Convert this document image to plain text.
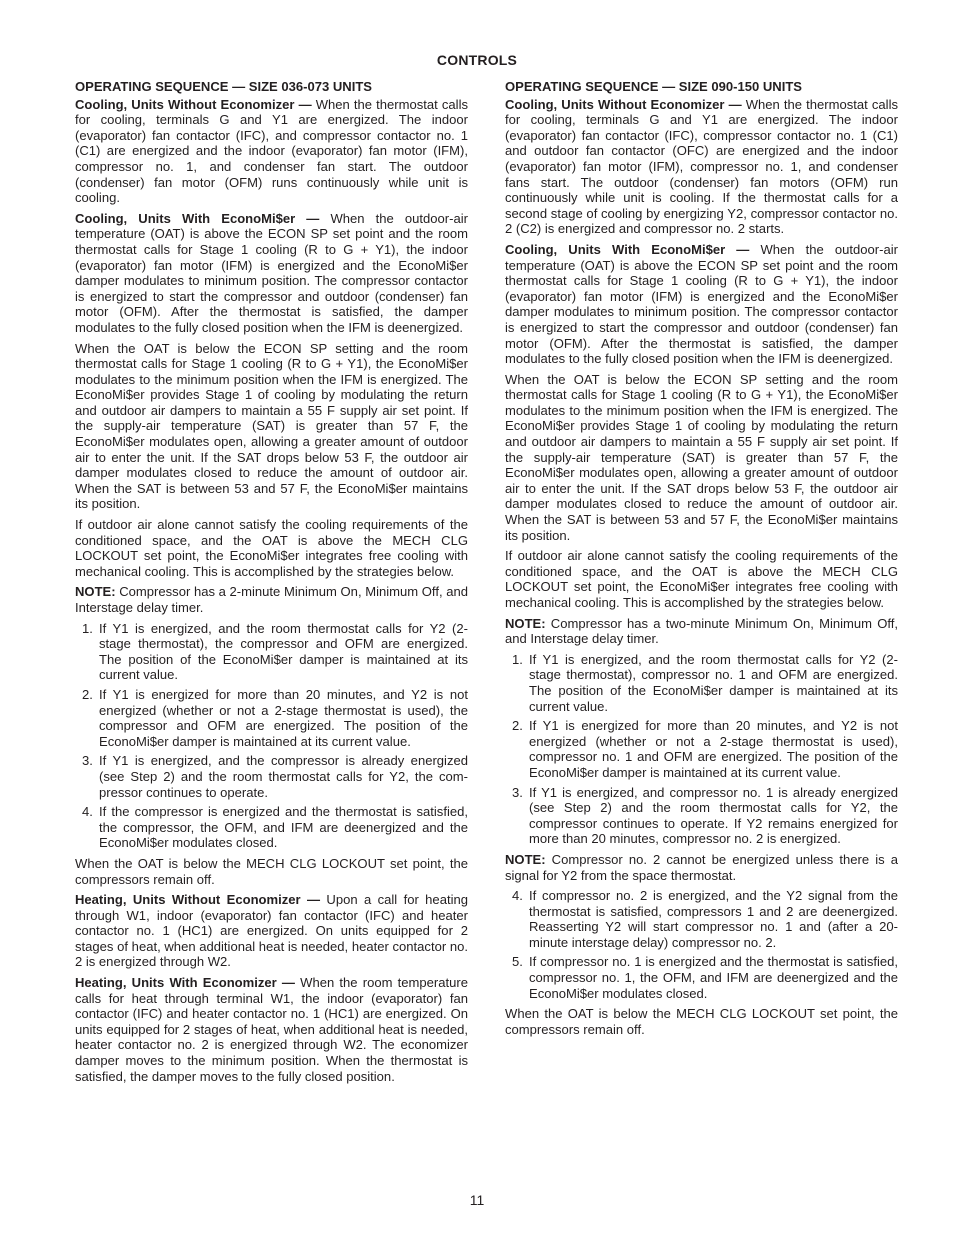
CONTROLS
OPERATING SEQUENCE — SIZE 036-073 UNITS

Cooling, Units Without Economizer — When the thermostat calls for cooling, terminals G and Y1 are energized. The indoor (evaporator) fan contactor (IFC), and compressor contactor no. 1 (C1) are energized and the indoor (evaporator) fan motor (IFM), compressor no. 1, and condenser fan start. The outdoor (condenser) fan motor (OFM) runs continuously while unit is cooling.

Cooling, Units With EconoMi$er — When the outdoor-air temperature (OAT) is above the ECON SP set point and the room thermostat calls for Stage 1 cooling (R to G + Y1), the indoor (evaporator) fan motor (IFM) is energized and the EconoMi$er damper modulates to minimum position. The compressor contactor is energized to start the compressor and outdoor (condenser) fan motor (OFM). After the thermostat is satisfied, the damper modulates to the fully closed position when the IFM is deenergized.

When the OAT is below the ECON SP setting and the room thermostat calls for Stage 1 cooling (R to G + Y1), the EconoMi$er modulates to the minimum position when the IFM is energized. The EconoMi$er provides Stage 1 of cooling by modulating the return and outdoor air dampers to maintain a 55 F supply air set point. If the supply-air temperature (SAT) is greater than 57 F, the EconoMi$er modulates open, allowing a greater amount of outdoor air to enter the unit. If the SAT drops below 53 F, the outdoor air damper modulates closed to reduce the amount of outdoor air. When the SAT is between 53 and 57 F, the EconoMi$er maintains its position.

If outdoor air alone cannot satisfy the cooling requirements of the conditioned space, and the OAT is above the MECH CLG LOCKOUT set point, the EconoMi$er integrates free cooling with mechanical cooling. This is accomplished by the strategies below.

NOTE: Compressor has a 2-minute Minimum On, Minimum Off, and Interstage delay timer.

1. If Y1 is energized, and the room thermostat calls for Y2 (2-stage thermostat), the compressor and OFM are energized. The position of the EconoMi$er damper is maintained at its current value.
2. If Y1 is energized for more than 20 minutes, and Y2 is not energized (whether or not a 2-stage thermostat is used), the compressor and OFM are energized. The position of the EconoMi$er damper is maintained at its current value.
3. If Y1 is energized, and the compressor is already energized (see Step 2) and the room thermostat calls for Y2, the compressor continues to operate.
4. If the compressor is energized and the thermostat is satisfied, the compressor, the OFM, and IFM are deenergized and the EconoMi$er modulates closed.

When the OAT is below the MECH CLG LOCKOUT set point, the compressors remain off.

Heating, Units Without Economizer — Upon a call for heating through W1, indoor (evaporator) fan contactor (IFC) and heater contactor no. 1 (HC1) are energized. On units equipped for 2 stages of heat, when additional heat is needed, heater contactor no. 2 is energized through W2.

Heating, Units With Economizer — When the room temperature calls for heat through terminal W1, the indoor (evaporator) fan contactor (IFC) and heater contactor no. 1 (HC1) are energized. On units equipped for 2 stages of heat, when additional heat is needed, heater contactor no. 2 is energized through W2. The economizer damper moves to the minimum position. When the thermostat is satisfied, the damper moves to the fully closed position.

OPERATING SEQUENCE — SIZE 090-150 UNITS

Cooling, Units Without Economizer — When the thermostat calls for cooling, terminals G and Y1 are energized. The indoor (evaporator) fan contactor (IFC), compressor contactor no. 1 (C1) and outdoor fan contactor (OFC) are energized and the indoor (evaporator) fan motor (IFM), compressor no. 1, and condenser fans start. The outdoor (condenser) fan motors (OFM) run continuously while unit is cooling. If the thermostat calls for a second stage of cooling by energizing Y2, compressor contactor no. 2 (C2) is energized and compressor no. 2 starts.

Cooling, Units With EconoMi$er — When the outdoor-air temperature (OAT) is above the ECON SP set point and the room thermostat calls for Stage 1 cooling (R to G + Y1), the indoor (evaporator) fan motor (IFM) is energized and the EconoMi$er damper modulates to minimum position. The compressor contactor is energized to start the compressor and outdoor (condenser) fan motor (OFM). After the thermostat is satisfied, the damper modulates to the fully closed position when the IFM is deenergized.

When the OAT is below the ECON SP setting and the room thermostat calls for Stage 1 cooling (R to G + Y1), the EconoMi$er modulates to the minimum position when the IFM is energized. The EconoMi$er provides Stage 1 of cooling by modulating the return and outdoor air dampers to maintain a 55 F supply air set point. If the supply-air temperature (SAT) is greater than 57 F, the EconoMi$er modulates open, allowing a greater amount of outdoor air to enter the unit. If the SAT drops below 53 F, the outdoor air damper modulates closed to reduce the amount of outdoor air. When the SAT is between 53 and 57 F, the EconoMi$er maintains its position.

If outdoor air alone cannot satisfy the cooling requirements of the conditioned space, and the OAT is above the MECH CLG LOCKOUT set point, the EconoMi$er integrates free cooling with mechanical cooling. This is accomplished by the strategies below.

NOTE: Compressor has a two-minute Minimum On, Minimum Off, and Interstage delay timer.

1. If Y1 is energized, and the room thermostat calls for Y2 (2-stage thermostat), compressor no. 1 and OFM are energized. The position of the EconoMi$er damper is maintained at its current value.
2. If Y1 is energized for more than 20 minutes, and Y2 is not energized (whether or not a 2-stage thermostat is used), compressor no. 1 and OFM are energized. The position of the EconoMi$er damper is maintained at its current value.
3. If Y1 is energized, and compressor no. 1 is already energized (see Step 2) and the room thermostat calls for Y2, the compressor continues to operate. If Y2 remains energized for more than 20 minutes, compressor no. 2 is energized.

NOTE: Compressor no. 2 cannot be energized unless there is a signal for Y2 from the space thermostat.

4. If compressor no. 2 is energized, and the Y2 signal from the thermostat is satisfied, compressors 1 and 2 are deenergized. Reasserting Y2 will start compressor no. 1 and (after a 20-minute interstage delay) compressor no. 2.
5. If compressor no. 1 is energized and the thermostat is satisfied, compressor no. 1, the OFM, and IFM are deenergized and the EconoMi$er modulates closed.

When the OAT is below the MECH CLG LOCKOUT set point, the compressors remain off.

11
